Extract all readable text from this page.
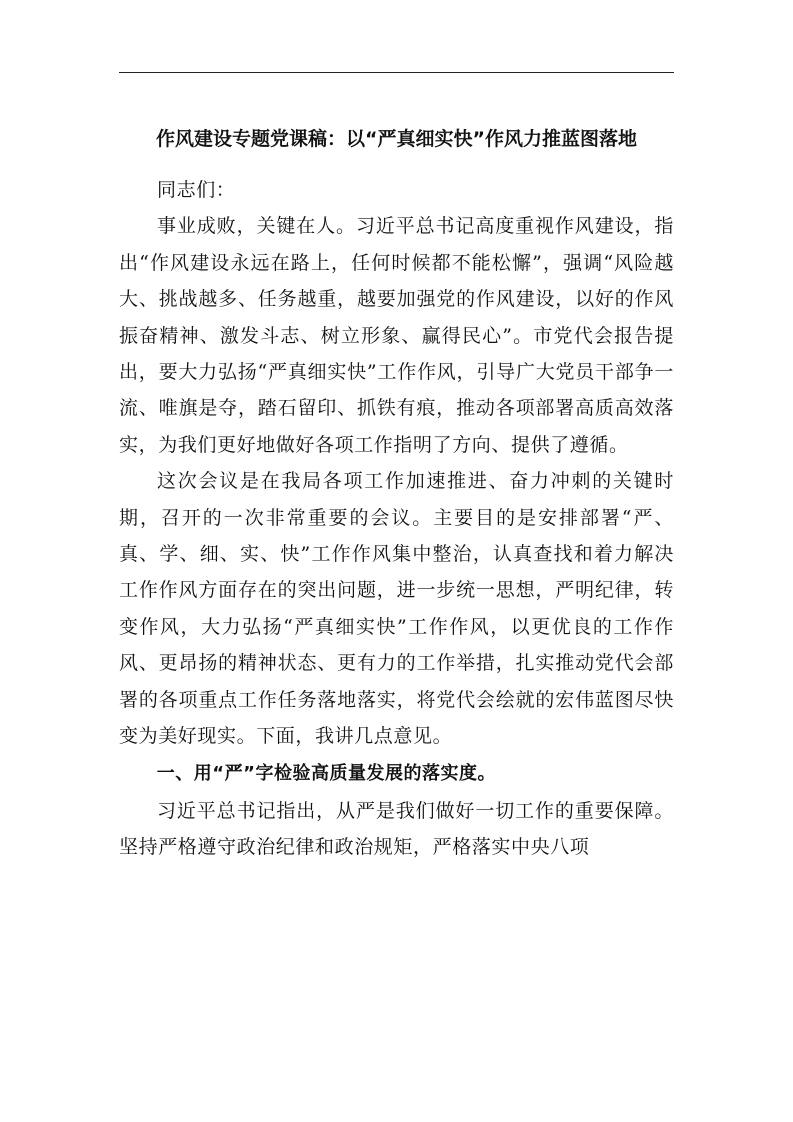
作风建设专题党课稿：以“严真细实快”作风力推蓝图落地

同志们：

事业成败，关键在人。习近平总书记高度重视作风建设，指出“作风建设永远在路上，任何时候都不能松懈”，强调“风险越大、挑战越多、任务越重，越要加强党的作风建设，以好的作风振奋精神、激发斗志、树立形象、赢得民心”。市党代会报告提出，要大力弘扬“严真细实快”工作作风，引导广大党员干部争一流、唯旗是夺，踏石留印、抓铁有痕，推动各项部署高质高效落实，为我们更好地做好各项工作指明了方向、提供了遵循。

这次会议是在我局各项工作加速推进、奋力冲刺的关键时期，召开的一次非常重要的会议。主要目的是安排部署“严、真、学、细、实、快”工作作风集中整治，认真查找和着力解决工作作风方面存在的突出问题，进一步统一思想，严明纪律，转变作风，大力弘扬“严真细实快”工作作风，以更优良的工作作风、更昂扬的精神状态、更有力的工作举措，扎实推动党代会部署的各项重点工作任务落地落实，将党代会绘就的宏伟蓝图尽快变为美好现实。下面，我讲几点意见。

一、用“严”字检验高质量发展的落实度。

习近平总书记指出，从严是我们做好一切工作的重要保障。坚持严格遵守政治纪律和政治规矩，严格落实中央八项
